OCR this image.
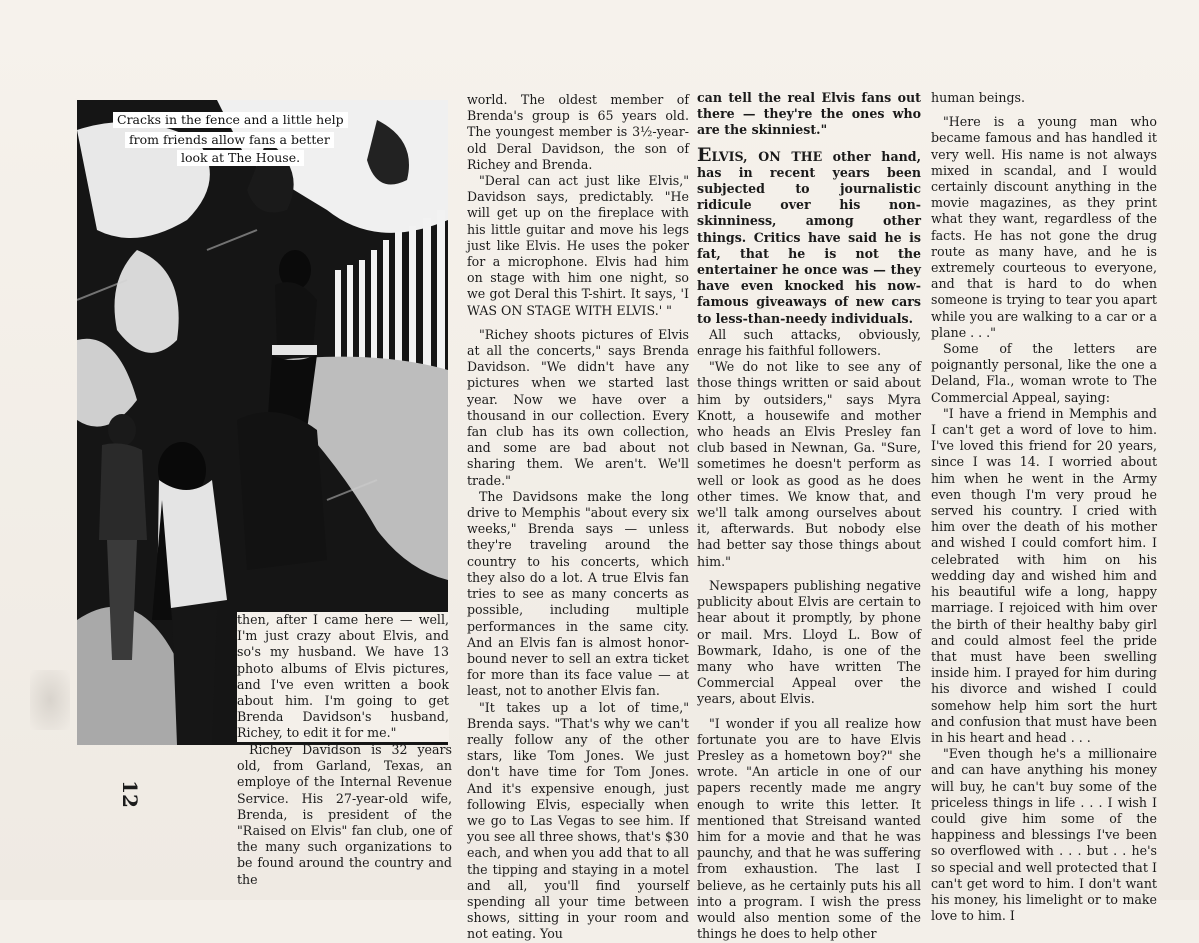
Cracks in the fence and a little help
from friends allow fans a better
look at The House.

then, after I came here — well, I'm just crazy about Elvis, and so's my husband. We have 13 photo albums of Elvis pictures, and I've even written a book about him. I'm going to get Brenda Davidson's husband, Richey, to edit it for me."

Richey Davidson is 32 years old, from Garland, Texas, an employe of the Internal Revenue Service. His 27-year-old wife, Brenda, is president of the "Raised on Elvis" fan club, one of the many such organizations to be found around the country and the

world. The oldest member of Brenda's group is 65 years old. The youngest member is 3½-year-old Deral Davidson, the son of Richey and Brenda.

"Deral can act just like Elvis," Davidson says, predictably. "He will get up on the fireplace with his little guitar and move his legs just like Elvis. He uses the poker for a microphone. Elvis had him on stage with him one night, so we got Deral this T-shirt. It says, 'I WAS ON STAGE WITH ELVIS.' "

"Richey shoots pictures of Elvis at all the concerts," says Brenda Davidson. "We didn't have any pictures when we started last year. Now we have over a thousand in our collection. Every fan club has its own collection, and some are bad about not sharing them. We aren't. We'll trade."

The Davidsons make the long drive to Memphis "about every six weeks," Brenda says — unless they're traveling around the country to his concerts, which they also do a lot. A true Elvis fan tries to see as many concerts as possible, including multiple performances in the same city. And an Elvis fan is almost honor-bound never to sell an extra ticket for more than its face value — at least, not to another Elvis fan.

"It takes up a lot of time," Brenda says. "That's why we can't really follow any of the other stars, like Tom Jones. We just don't have time for Tom Jones. And it's expensive enough, just following Elvis, especially when we go to Las Vegas to see him. If you see all three shows, that's $30 each, and when you add that to all the tipping and staying in a motel and all, you'll find yourself spending all your time between shows, sitting in your room and not eating. You

can tell the real Elvis fans out there — they're the ones who are the skinniest."

ELVIS, ON THE other hand, has in recent years been subjected to journalistic ridicule over his non-skinniness, among other things. Critics have said he is fat, that he is not the entertainer he once was — they have even knocked his now-famous giveaways of new cars to less-than-needy individuals.

All such attacks, obviously, enrage his faithful followers.

"We do not like to see any of those things written or said about him by outsiders," says Myra Knott, a housewife and mother who heads an Elvis Presley fan club based in Newnan, Ga. "Sure, sometimes he doesn't perform as well or look as good as he does other times. We know that, and we'll talk among ourselves about it, afterwards. But nobody else had better say those things about him."

Newspapers publishing negative publicity about Elvis are certain to hear about it promptly, by phone or mail. Mrs. Lloyd L. Bow of Bowmark, Idaho, is one of the many who have written The Commercial Appeal over the years, about Elvis.

"I wonder if you all realize how fortunate you are to have Elvis Presley as a hometown boy?" she wrote. "An article in one of our papers recently made me angry enough to write this letter. It mentioned that Streisand wanted him for a movie and that he was paunchy, and that he was suffering from exhaustion. The last I believe, as he certainly puts his all into a program. I wish the press would also mention some of the things he does to help other

human beings.

"Here is a young man who became famous and has handled it very well. His name is not always mixed in scandal, and I would certainly discount anything in the movie magazines, as they print what they want, regardless of the facts. He has not gone the drug route as many have, and he is extremely courteous to everyone, and that is hard to do when someone is trying to tear you apart while you are walking to a car or a plane . . ."

Some of the letters are poignantly personal, like the one a Deland, Fla., woman wrote to The Commercial Appeal, saying:

"I have a friend in Memphis and I can't get a word of love to him. I've loved this friend for 20 years, since I was 14. I worried about him when he went in the Army even though I'm very proud he served his country. I cried with him over the death of his mother and wished I could comfort him. I celebrated with him on his wedding day and wished him and his beautiful wife a long, happy marriage. I rejoiced with him over the birth of their healthy baby girl and could almost feel the pride that must have been swelling inside him. I prayed for him during his divorce and wished I could somehow help him sort the hurt and confusion that must have been in his heart and head . . .

"Even though he's a millionaire and can have anything his money will buy, he can't buy some of the priceless things in life . . . I wish I could give him some of the happiness and blessings I've been so overflowed with . . . but . . he's so special and well protected that I can't get word to him. I don't want his money, his limelight or to make love to him. I

12
